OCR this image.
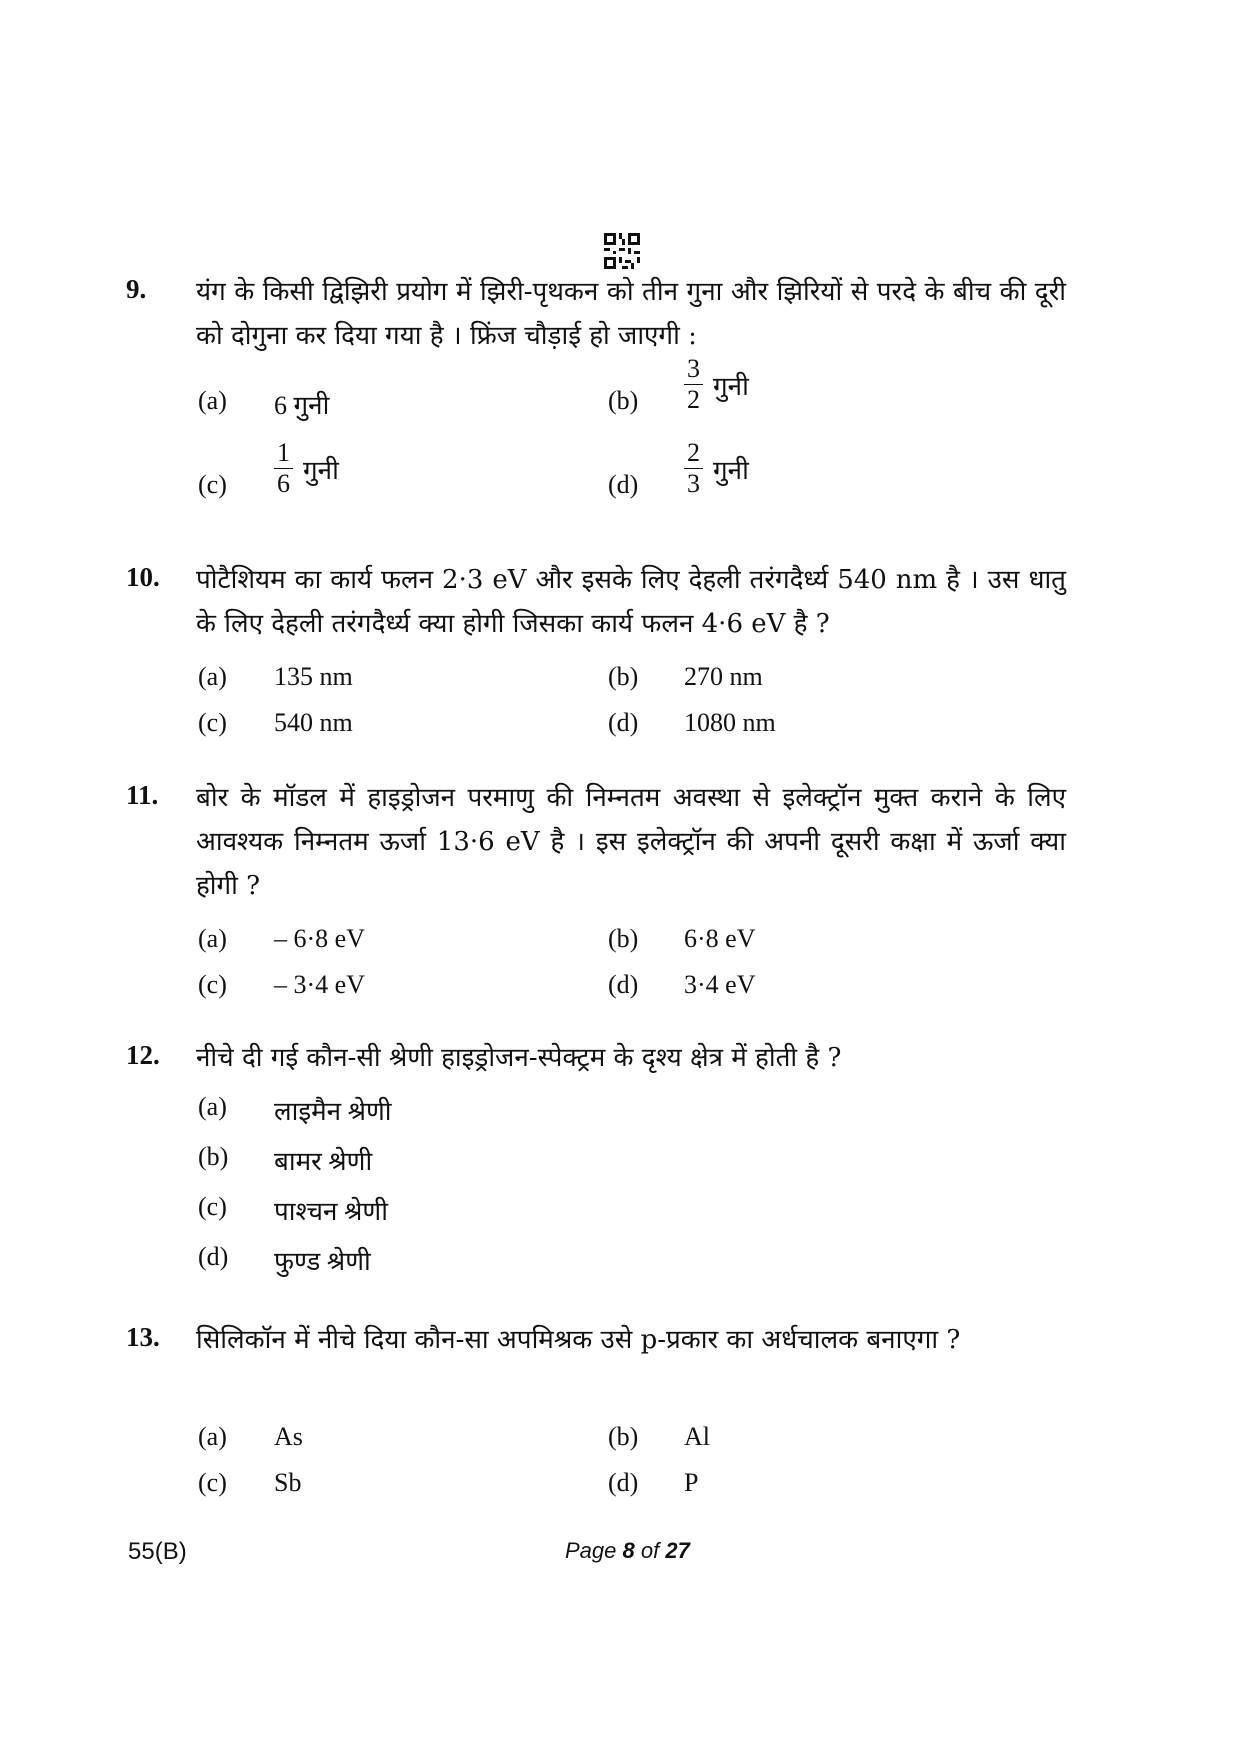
9. यंग के किसी द्विझिरी प्रयोग में झिरी-पृथकन को तीन गुना और झिरियों से परदे के बीच की दूरी को दोगुना कर दिया गया है । फ्रिंज चौड़ाई हो जाएगी :
(a) 6 गुनी	$(b) \frac{3}{2}$ गुनी
$(c) \frac{1}{6}$ गुनी	$(d) \frac{2}{3}$ गुनी
10. पोटैशियम का कार्य फलन 2·3 eV और इसके लिए देहली तरंगदैर्ध्य 540 nm है । उस धातु के लिए देहली तरंगदैर्ध्य क्या होगी जिसका कार्य फलन 4·6 eV है ?
(a) 135 nm	(b) 270 nm
(c) 540 nm	(d) 1080 nm
11. बोर के मॉडल में हाइड्रोजन परमाणु की निम्नतम अवस्था से इलेक्ट्रॉन मुक्त कराने के लिए आवश्यक निम्नतम ऊर्जा 13·6 eV है । इस इलेक्ट्रॉन की अपनी दूसरी कक्षा में ऊर्जा क्या होगी ?
(a) – 6·8 eV	(b) 6·8 eV
(c) – 3·4 eV	(d) 3·4 eV
12. नीचे दी गई कौन-सी श्रेणी हाइड्रोजन-स्पेक्ट्रम के दृश्य क्षेत्र में होती है ?
(a) लाइमैन श्रेणी
(b) बामर श्रेणी
(c) पाश्चन श्रेणी
(d) फुण्ड श्रेणी
13. सिलिकॉन में नीचे दिया कौन-सा अपमिश्रक उसे p-प्रकार का अर्धचालक बनाएगा ?
(a) As	(b) Al
(c) Sb	(d) P
55(B)	Page 8 of 27
